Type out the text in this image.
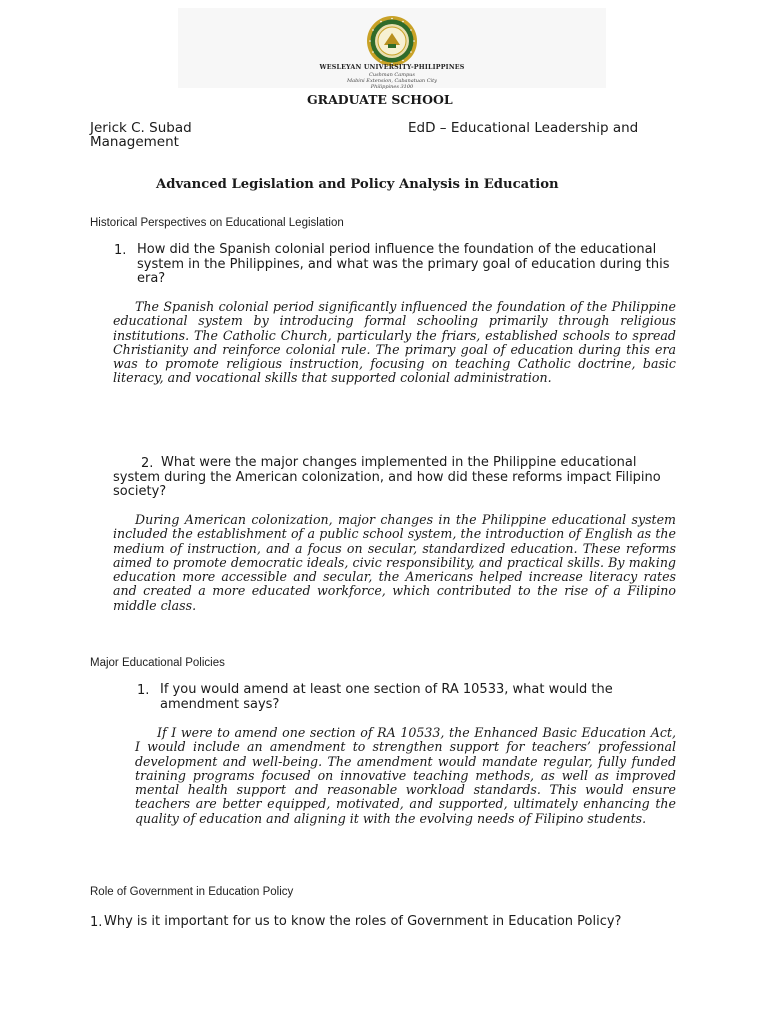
WESLEYAN UNIVERSITY-PHILIPPINES
Cushman Campus
Mabini Extension, Cabanatuan City
Philippines 3100
GRADUATE SCHOOL
Jerick C. Subad	EdD – Educational Leadership and
Management
Advanced Legislation and Policy Analysis in Education
Historical Perspectives on Educational Legislation
1. How did the Spanish colonial period influence the foundation of the educational system in the Philippines, and what was the primary goal of education during this era?
The Spanish colonial period significantly influenced the foundation of the Philippine educational system by introducing formal schooling primarily through religious institutions. The Catholic Church, particularly the friars, established schools to spread Christianity and reinforce colonial rule. The primary goal of education during this era was to promote religious instruction, focusing on teaching Catholic doctrine, basic literacy, and vocational skills that supported colonial administration.
2. What were the major changes implemented in the Philippine educational system during the American colonization, and how did these reforms impact Filipino society?
During American colonization, major changes in the Philippine educational system included the establishment of a public school system, the introduction of English as the medium of instruction, and a focus on secular, standardized education. These reforms aimed to promote democratic ideals, civic responsibility, and practical skills. By making education more accessible and secular, the Americans helped increase literacy rates and created a more educated workforce, which contributed to the rise of a Filipino middle class.
Major Educational Policies
1. If you would amend at least one section of RA 10533, what would the amendment says?
If I were to amend one section of RA 10533, the Enhanced Basic Education Act, I would include an amendment to strengthen support for teachers’ professional development and well-being. The amendment would mandate regular, fully funded training programs focused on innovative teaching methods, as well as improved mental health support and reasonable workload standards. This would ensure teachers are better equipped, motivated, and supported, ultimately enhancing the quality of education and aligning it with the evolving needs of Filipino students.
Role of Government in Education Policy
1. Why is it important for us to know the roles of Government in Education Policy?
